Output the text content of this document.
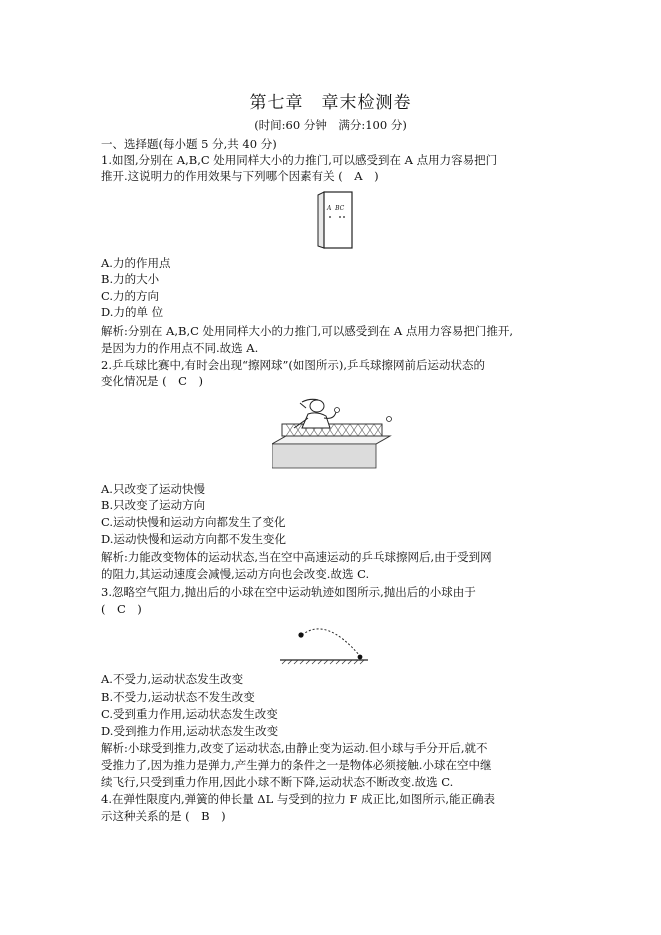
第七章　章末检测卷
(时间:60 分钟　满分:100 分)
一、选择题(每小题 5 分,共 40 分)
1.如图,分别在 A,B,C 处用同样大小的力推门,可以感受到在 A 点用力容易把门
推开.这说明力的作用效果与下列哪个因素有关 (　A　)
A  BC
A.力的作用点
B.力的大小
C.力的方向
D.力的单 位
解析:分别在 A,B,C 处用同样大小的力推门,可以感受到在 A 点用力容易把门推开,
是因为力的作用点不同.故选 A.
2.乒乓球比赛中,有时会出现“擦网球”(如图所示),乒乓球擦网前后运动状态的
变化情况是 (　C　)
A.只改变了运动快慢
B.只改变了运动方向
C.运动快慢和运动方向都发生了变化
D.运动快慢和运动方向都不发生变化
解析:力能改变物体的运动状态,当在空中高速运动的乒乓球擦网后,由于受到网
的阻力,其运动速度会减慢,运动方向也会改变.故选 C.
3.忽略空气阻力,抛出后的小球在空中运动轨迹如图所示,抛出后的小球由于
(　C　)
A.不受力,运动状态发生改变
B.不受力,运动状态不发生改变
C.受到重力作用,运动状态发生改变
D.受到推力作用,运动状态发生改变
解析:小球受到推力,改变了运动状态,由静止变为运动.但小球与手分开后,就不
受推力了,因为推力是弹力,产生弹力的条件之一是物体必须接触.小球在空中继
续飞行,只受到重力作用,因此小球不断下降,运动状态不断改变.故选 C.
4.在弹性限度内,弹簧的伸长量 ΔL 与受到的拉力 F 成正比,如图所示,能正确表
示这种关系的是 (　B　)
